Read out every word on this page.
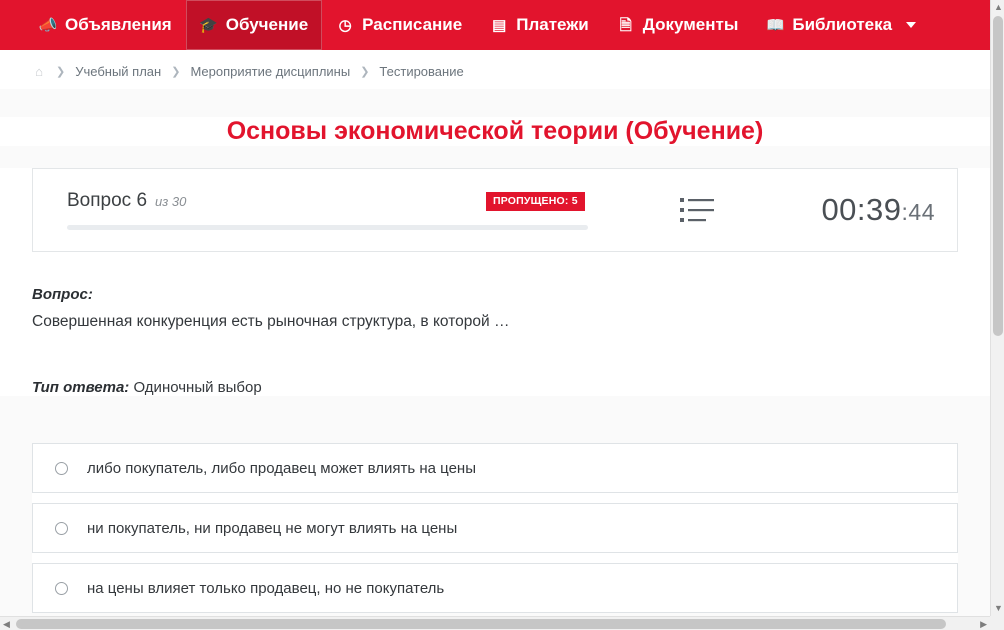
📣 Объявления 🎓 Обучение ◷ Расписание ▤ Платежи 🗎 Документы 📖 Библиотека
⌂ ❯ Учебный план ❯ Мероприятие дисциплины ❯ Тестирование
Основы экономической теории (Обучение)
Вопрос 6 из 30	ПРОПУЩЕНО: 5	00:39:44
Вопрос:
Совершенная конкуренция есть рыночная структура, в которой …
Тип ответа: Одиночный выбор
либо покупатель, либо продавец может влиять на цены
ни покупатель, ни продавец не могут влиять на цены
на цены влияет только продавец, но не покупатель
▲
▼
◀	▶
